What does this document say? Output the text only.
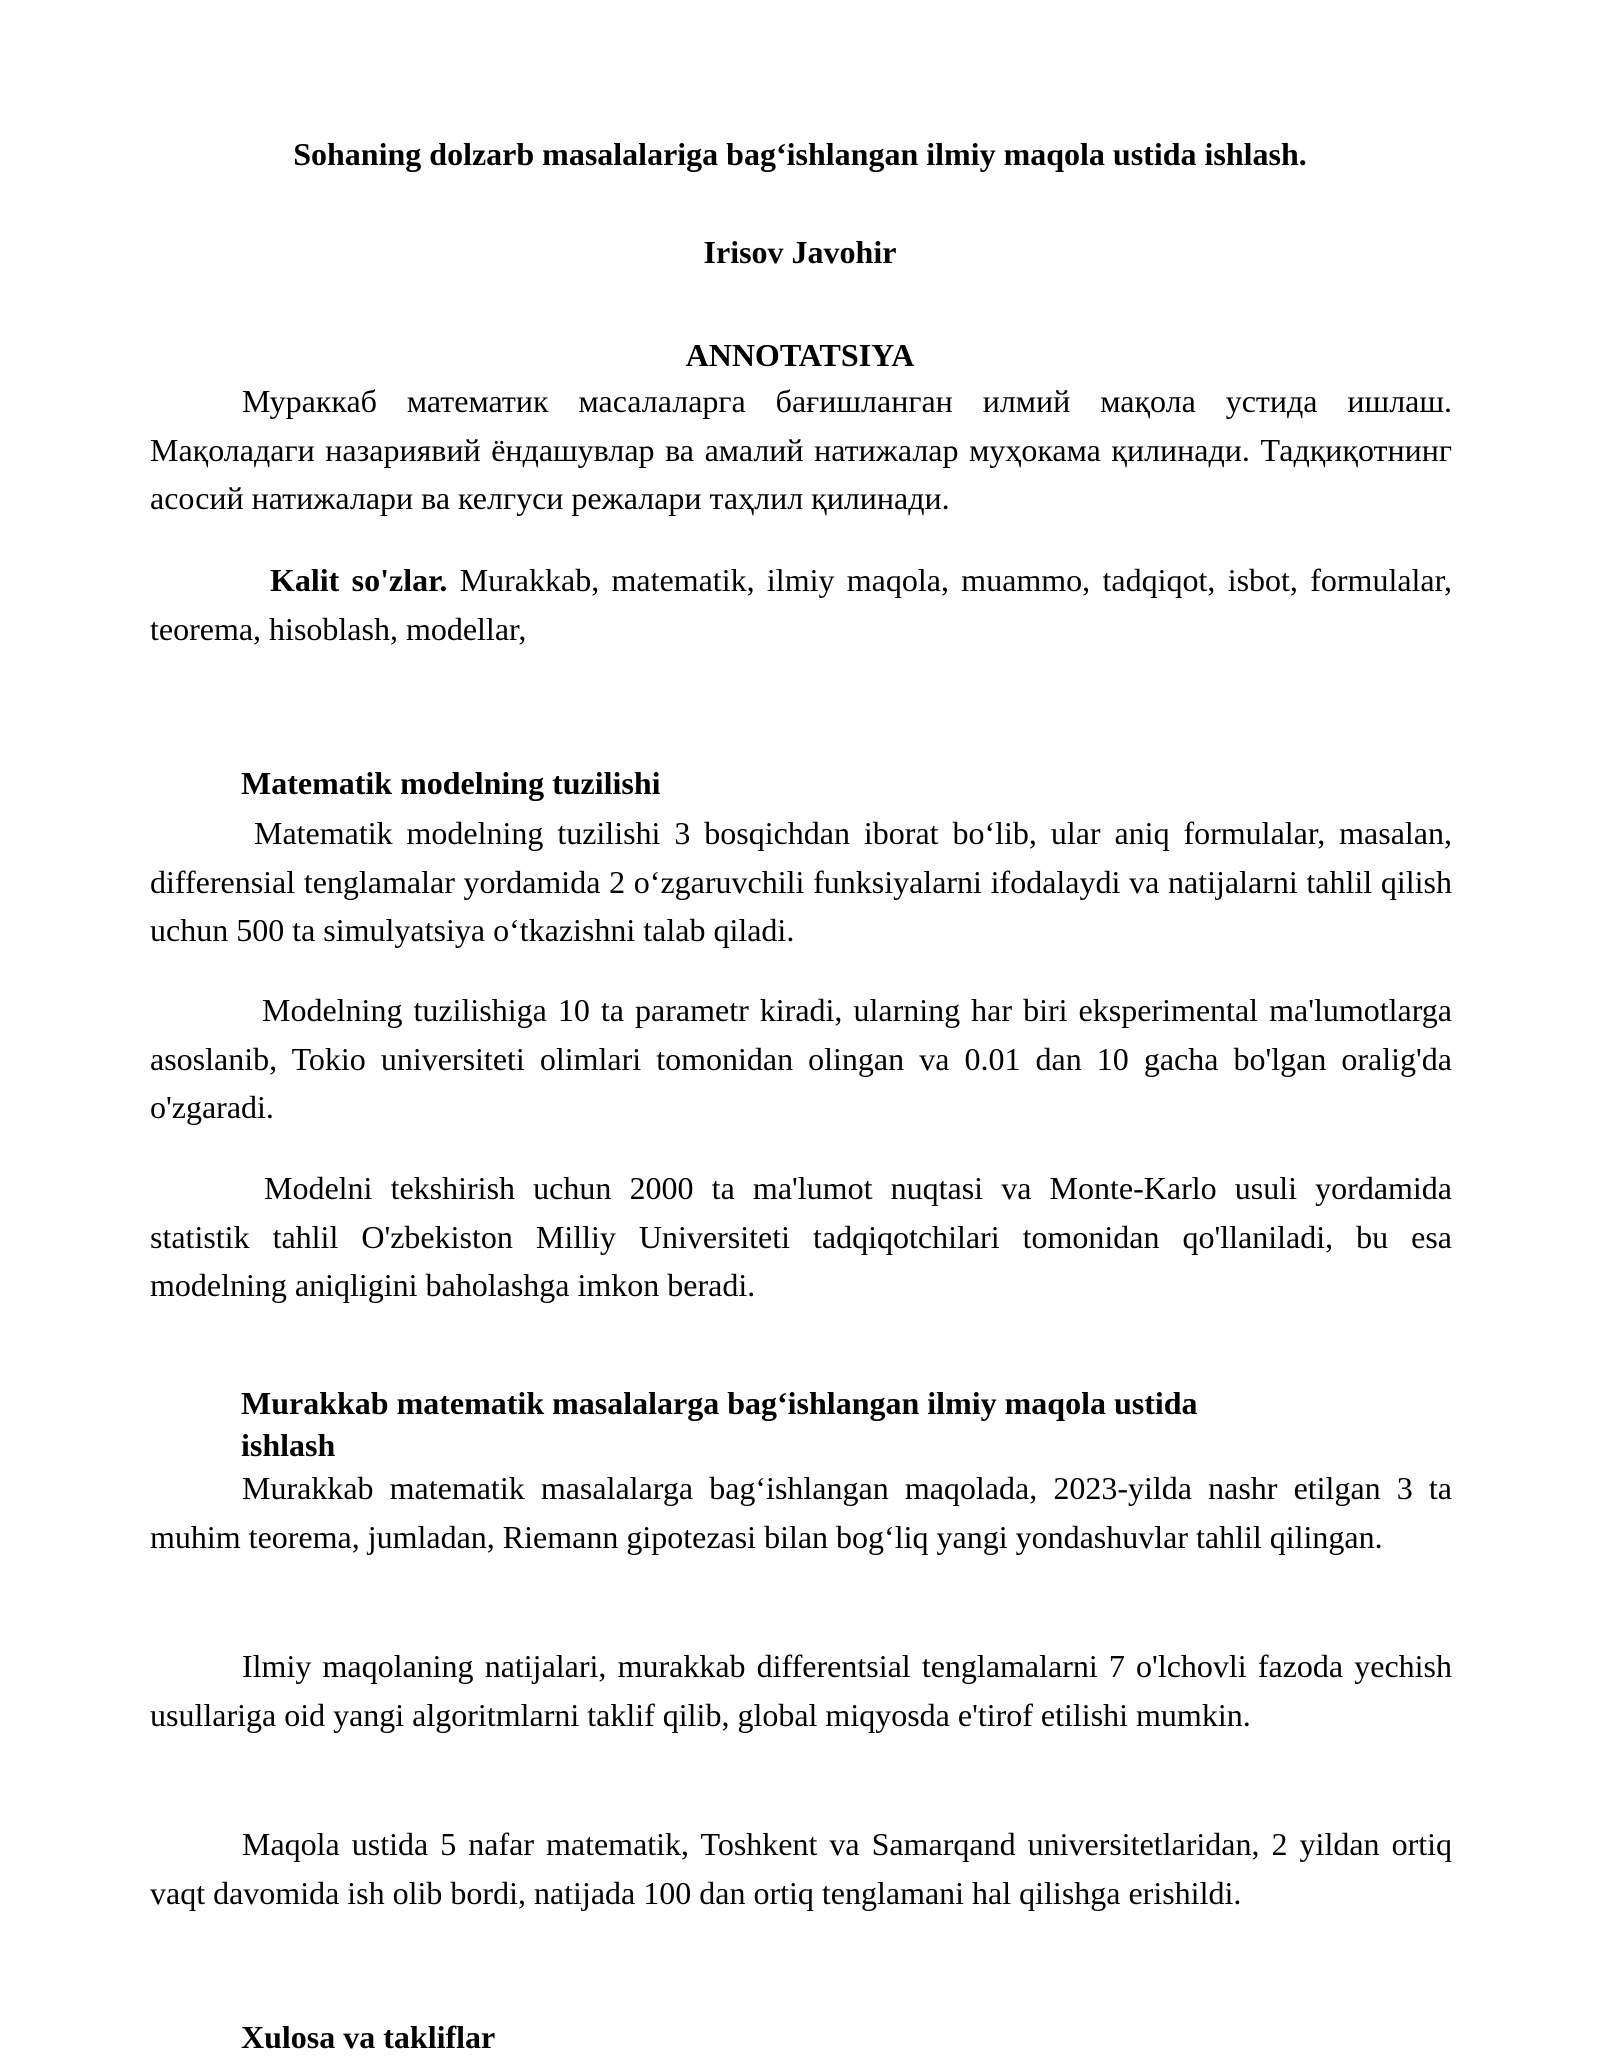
Sohaning dolzarb masalalariga bag‘ishlangan ilmiy maqola ustida ishlash.

Irisov Javohir

ANNOTATSIYA

Мураккаб математик масалаларга бағишланган илмий мақола устида ишлаш. Мақоладаги назариявий ёндашувлар ва амалий натижалар муҳокама қилинади. Тадқиқотнинг асосий натижалари ва келгуси режалари таҳлил қилинади.

Kalit so'zlar. Murakkab, matematik, ilmiy maqola, muammo, tadqiqot, isbot, formulalar, teorema, hisoblash, modellar,

Matematik modelning tuzilishi

Matematik modelning tuzilishi 3 bosqichdan iborat bo‘lib, ular aniq formulalar, masalan, differensial tenglamalar yordamida 2 o‘zgaruvchili funksiyalarni ifodalaydi va natijalarni tahlil qilish uchun 500 ta simulyatsiya o‘tkazishni talab qiladi.

Modelning tuzilishiga 10 ta parametr kiradi, ularning har biri eksperimental ma'lumotlarga asoslanib, Tokio universiteti olimlari tomonidan olingan va 0.01 dan 10 gacha bo'lgan oralig'da o'zgaradi.

Modelni tekshirish uchun 2000 ta ma'lumot nuqtasi va Monte-Karlo usuli yordamida statistik tahlil O'zbekiston Milliy Universiteti tadqiqotchilari tomonidan qo'llaniladi, bu esa modelning aniqligini baholashga imkon beradi.

Murakkab matematik masalalarga bag‘ishlangan ilmiy maqola ustida
ishlash

Murakkab matematik masalalarga bag‘ishlangan maqolada, 2023-yilda nashr etilgan 3 ta muhim teorema, jumladan, Riemann gipotezasi bilan bog‘liq yangi yondashuvlar tahlil qilingan.

Ilmiy maqolaning natijalari, murakkab differentsial tenglamalarni 7 o'lchovli fazoda yechish usullariga oid yangi algoritmlarni taklif qilib, global miqyosda e'tirof etilishi mumkin.

Maqola ustida 5 nafar matematik, Toshkent va Samarqand universitetlaridan, 2 yildan ortiq vaqt davomida ish olib bordi, natijada 100 dan ortiq tenglamani hal qilishga erishildi.

Xulosa va takliflar
